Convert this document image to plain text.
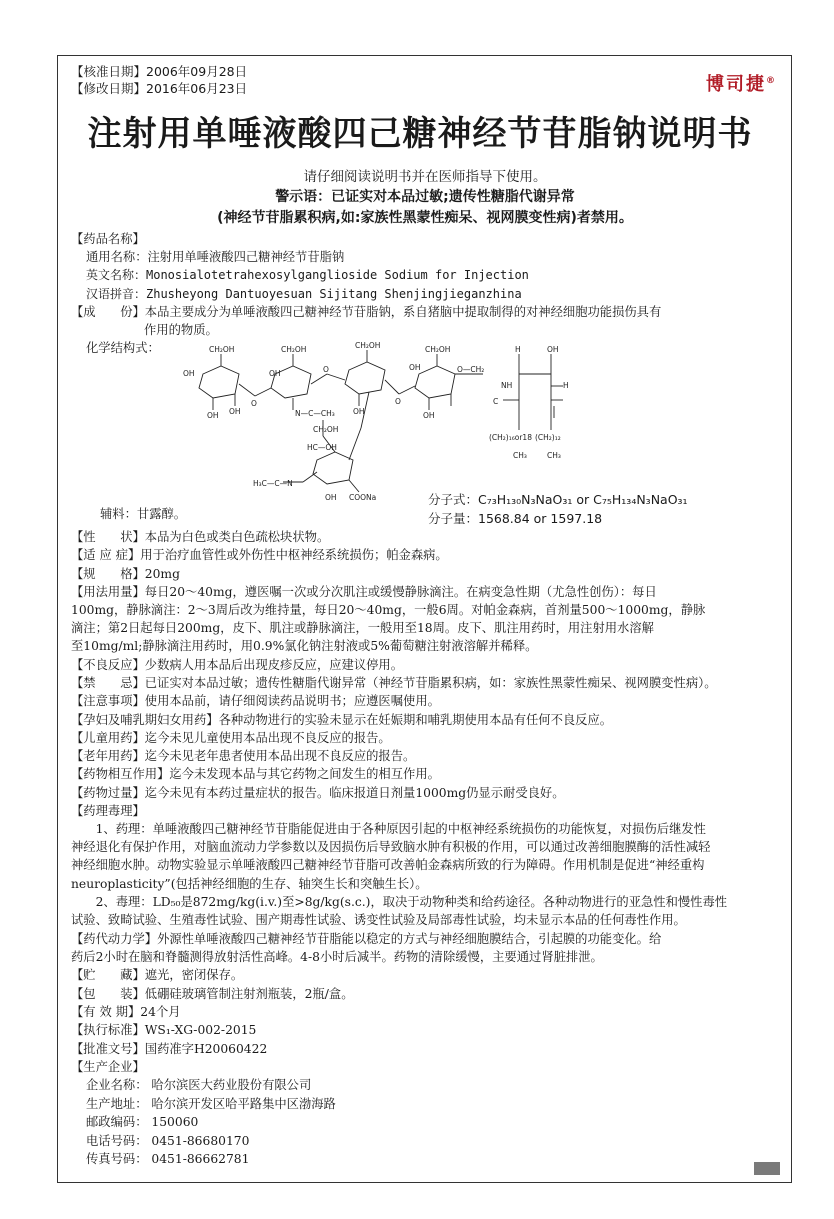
【核准日期】2006年09月28日
【修改日期】2016年06月23日	博司捷®
注射用单唾液酸四己糖神经节苷脂钠说明书
请仔细阅读说明书并在医师指导下使用。
警示语：已证实对本品过敏;遗传性糖脂代谢异常
(神经节苷脂累积病,如:家族性黑蒙性痴呆、视网膜变性病)者禁用。
【药品名称】
通用名称：注射用单唾液酸四己糖神经节苷脂钠
英文名称：Monosialotetrahexosylganglioside Sodium for Injection
汉语拼音：Zhusheyong Dantuoyesuan Sijitang Shenjingjieganzhina
【成　　份】本品主要成分为单唾液酸四己糖神经节苷脂钠，系自猪脑中提取制得的对神经细胞功能损伤具有
作用的物质。
化学结构式：	CH₂OH	CH₂OH	CH₂OH	CH₂OH
OH
OH OH
O
OH
N—C—CH₃
O
OH
O
OH
OH
O—CH₂
H	OH
NH	H
C
(CH₂)₁₆or18 (CH₂)₁₂
CH₃	CH₃
CH₂OH
HC—OH
H₃C—C—N
COONa
OH	分子式：C₇₃H₁₃₀N₃NaO₃₁ or C₇₅H₁₃₄N₃NaO₃₁
辅料：甘露醇。	分子量：1568.84 or 1597.18
【性　　状】本品为白色或类白色疏松块状物。
【适 应 症】用于治疗血管性或外伤性中枢神经系统损伤；帕金森病。
【规　　格】20mg
【用法用量】每日20～40mg，遵医嘱一次或分次肌注或缓慢静脉滴注。在病变急性期（尤急性创伤）：每日
100mg，静脉滴注：2～3周后改为维持量，每日20～40mg，一般6周。对帕金森病，首剂量500～1000mg，静脉
滴注；第2日起每日200mg，皮下、肌注或静脉滴注，一般用至18周。皮下、肌注用药时，用注射用水溶解
至10mg/ml;静脉滴注用药时，用0.9%氯化钠注射液或5%葡萄糖注射液溶解并稀释。
【不良反应】少数病人用本品后出现皮疹反应，应建议停用。
【禁　　忌】已证实对本品过敏；遗传性糖脂代谢异常（神经节苷脂累积病，如：家族性黑蒙性痴呆、视网膜变性病）。
【注意事项】使用本品前，请仔细阅读药品说明书；应遵医嘱使用。
【孕妇及哺乳期妇女用药】各种动物进行的实验未显示在妊娠期和哺乳期使用本品有任何不良反应。
【儿童用药】迄今未见儿童使用本品出现不良反应的报告。
【老年用药】迄今未见老年患者使用本品出现不良反应的报告。
【药物相互作用】迄今未发现本品与其它药物之间发生的相互作用。
【药物过量】迄今未见有本药过量症状的报告。临床报道日剂量1000mg仍显示耐受良好。
【药理毒理】
　　1、药理：单唾液酸四己糖神经节苷脂能促进由于各种原因引起的中枢神经系统损伤的功能恢复，对损伤后继发性
神经退化有保护作用，对脑血流动力学参数以及因损伤后导致脑水肿有积极的作用，可以通过改善细胞膜酶的活性减轻
神经细胞水肿。动物实验显示单唾液酸四己糖神经节苷脂可改善帕金森病所致的行为障碍。作用机制是促进“神经重构
neuroplasticity”(包括神经细胞的生存、轴突生长和突触生长）。
　　2、毒理：LD₅₀是872mg/kg(i.v.)至>8g/kg(s.c.)，取决于动物种类和给药途径。各种动物进行的亚急性和慢性毒性
试验、致畸试验、生殖毒性试验、围产期毒性试验、诱变性试验及局部毒性试验，均未显示本品的任何毒性作用。
【药代动力学】外源性单唾液酸四己糖神经节苷脂能以稳定的方式与神经细胞膜结合，引起膜的功能变化。给
药后2小时在脑和脊髓测得放射活性高峰。4-8小时后减半。药物的清除缓慢，主要通过肾脏排泄。
【贮　　藏】遮光，密闭保存。
【包　　装】低硼硅玻璃管制注射剂瓶装，2瓶/盒。
【有 效 期】24个月
【执行标准】WS₁-XG-002-2015
【批准文号】国药准字H20060422
【生产企业】
企业名称： 哈尔滨医大药业股份有限公司
生产地址： 哈尔滨开发区哈平路集中区渤海路
邮政编码： 150060
电话号码： 0451-86680170
传真号码： 0451-86662781
